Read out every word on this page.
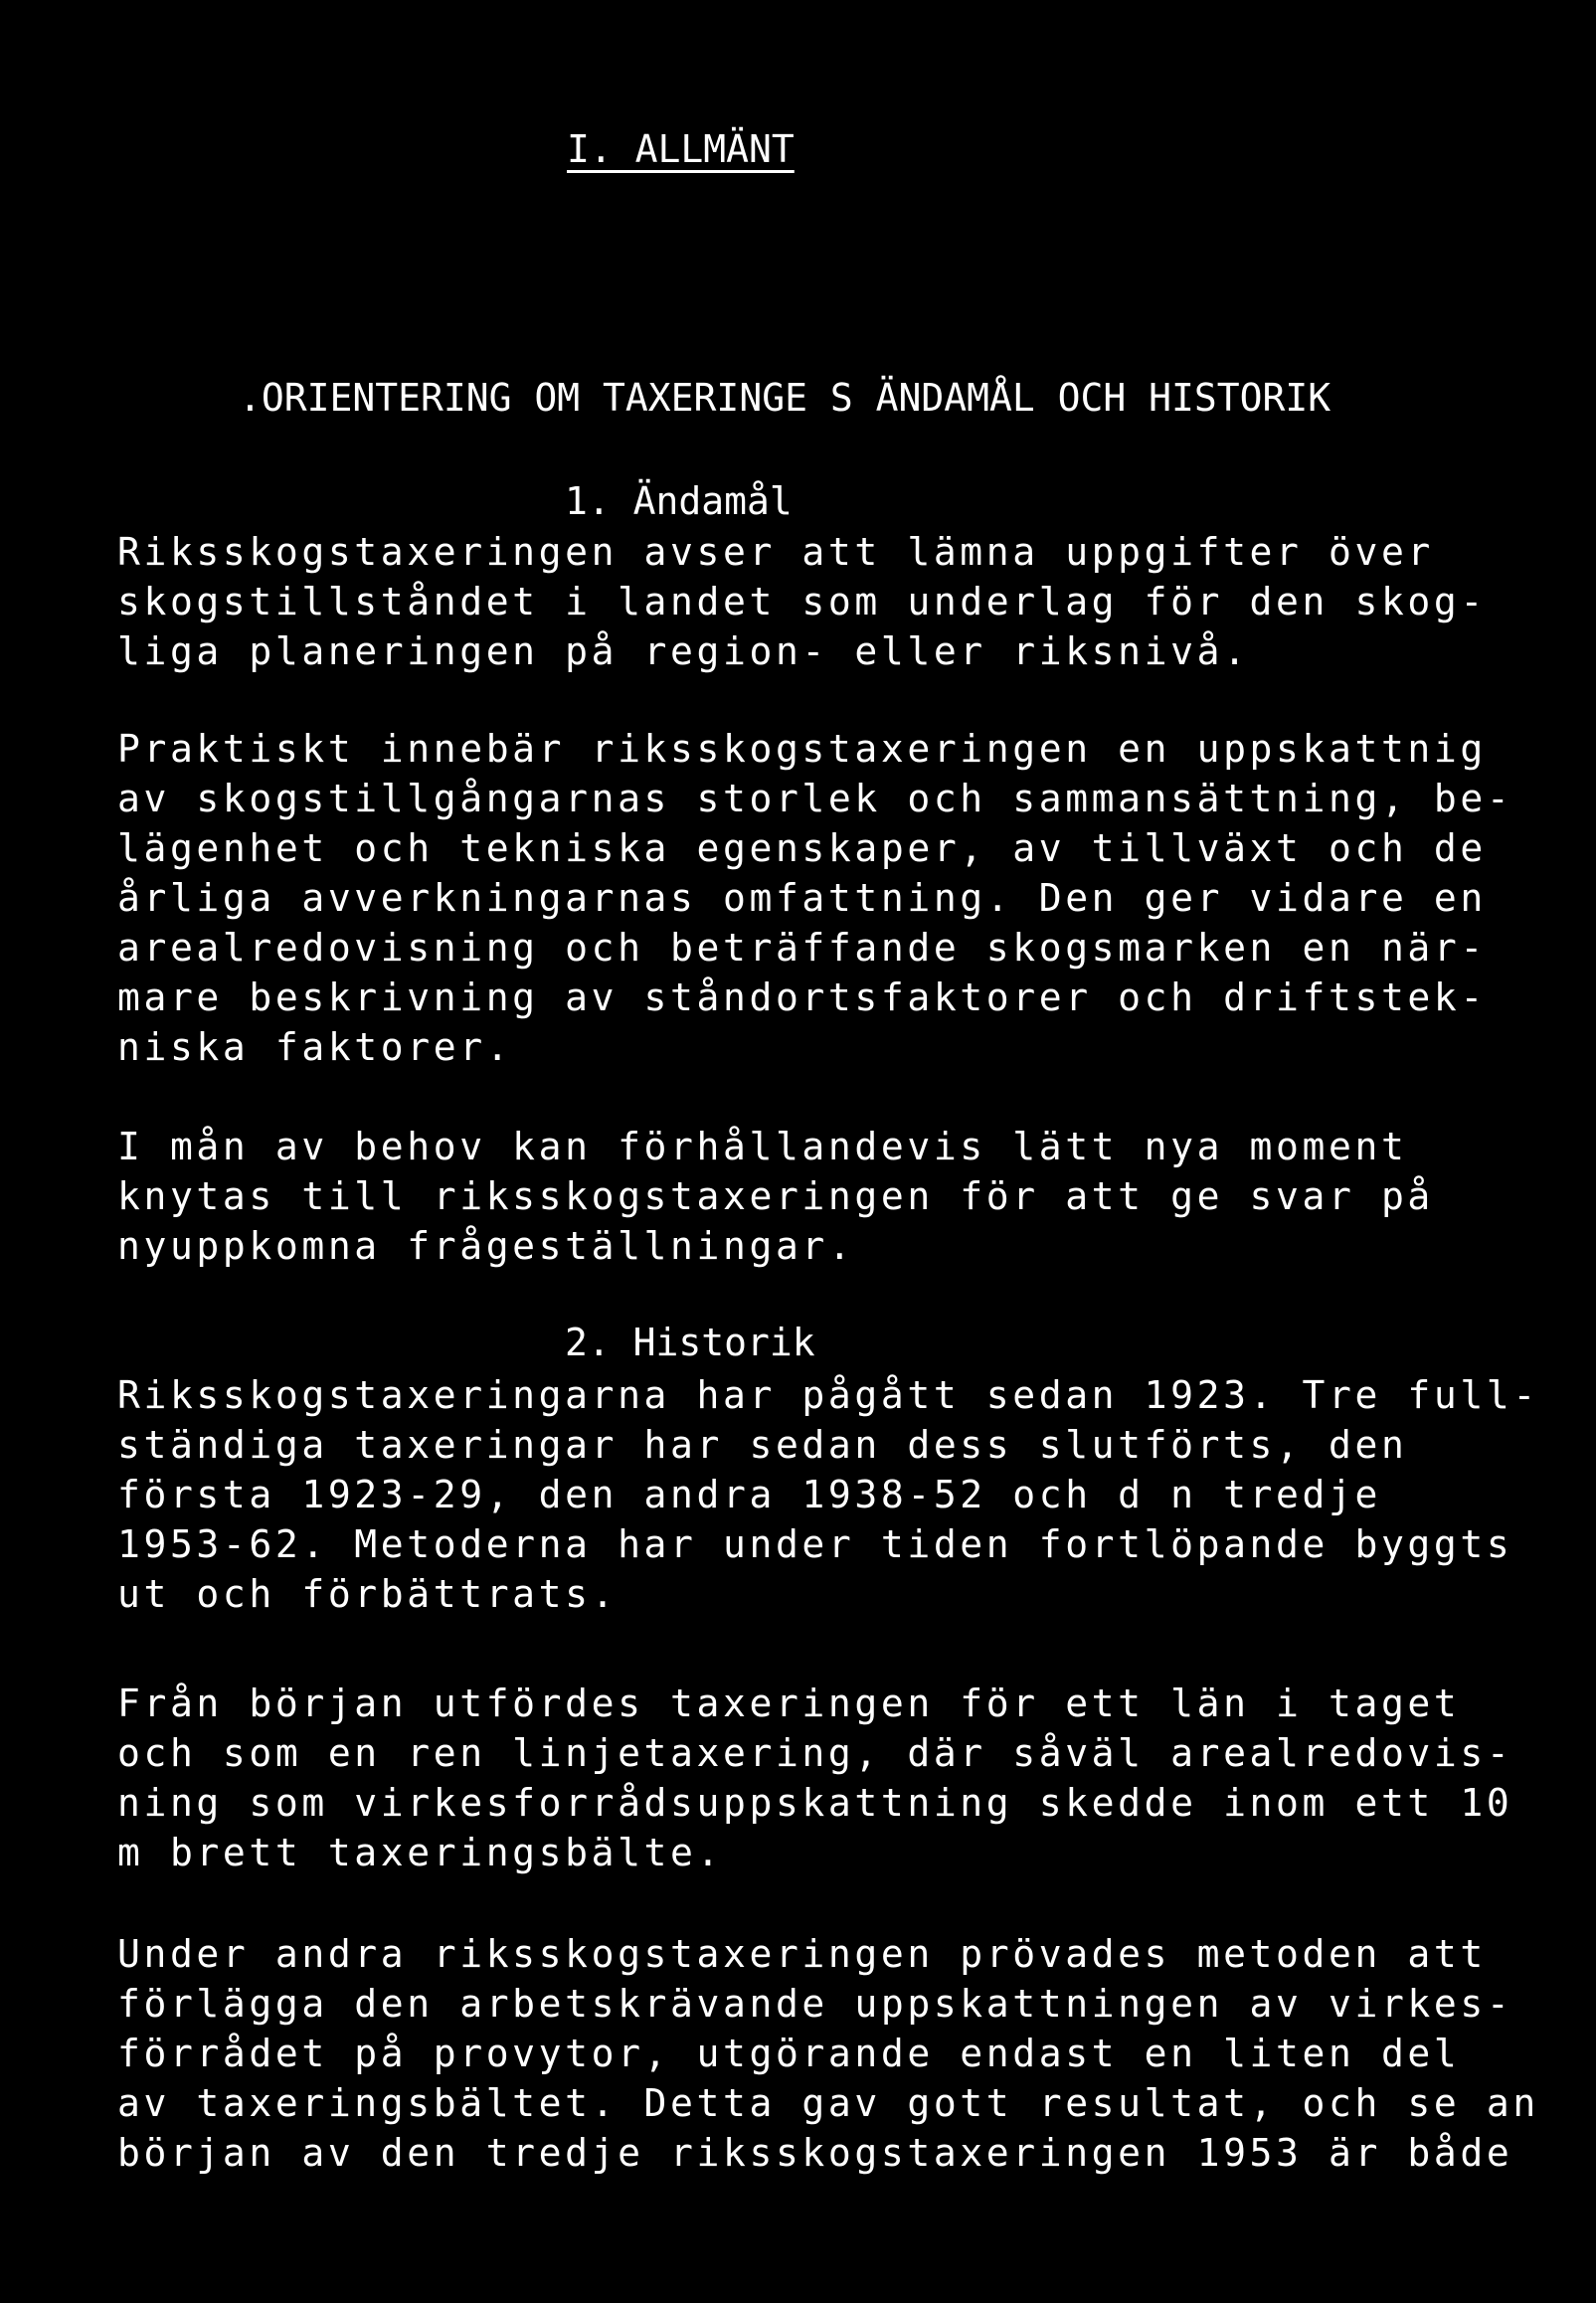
I. ALLMÄNT
.ORIENTERING OM TAXERINGE S ÄNDAMÅL OCH HISTORIK
1. Ändamål
Riksskogstaxeringen avser att lämna uppgifter över
skogstillståndet i landet som underlag för den skog-
liga planeringen på region- eller riksnivå.
Praktiskt innebär riksskogstaxeringen en uppskattnig
av skogstillgångarnas storlek och sammansättning, be-
lägenhet och tekniska egenskaper, av tillväxt och de
årliga avverkningarnas omfattning. Den ger vidare en
arealredovisning och beträffande skogsmarken en när-
mare beskrivning av ståndortsfaktorer och driftstek-
niska faktorer.
I mån av behov kan förhållandevis lätt nya moment
knytas till riksskogstaxeringen för att ge svar på
nyuppkomna frågeställningar.
2. Historik
Riksskogstaxeringarna har pågått sedan 1923. Tre full-
ständiga taxeringar har sedan dess slutförts, den
första 1923-29, den andra 1938-52 och d n tredje
1953-62. Metoderna har under tiden fortlöpande byggts
ut och förbättrats.
Från början utfördes taxeringen för ett län i taget
och som en ren linjetaxering, där såväl arealredovis-
ning som virkesforrådsuppskattning skedde inom ett 10
m brett taxeringsbälte.
Under andra riksskogstaxeringen prövades metoden att
förlägga den arbetskrävande uppskattningen av virkes-
förrådet på provytor, utgörande endast en liten del
av taxeringsbältet. Detta gav gott resultat, och se an
början av den tredje riksskogstaxeringen 1953 är både
